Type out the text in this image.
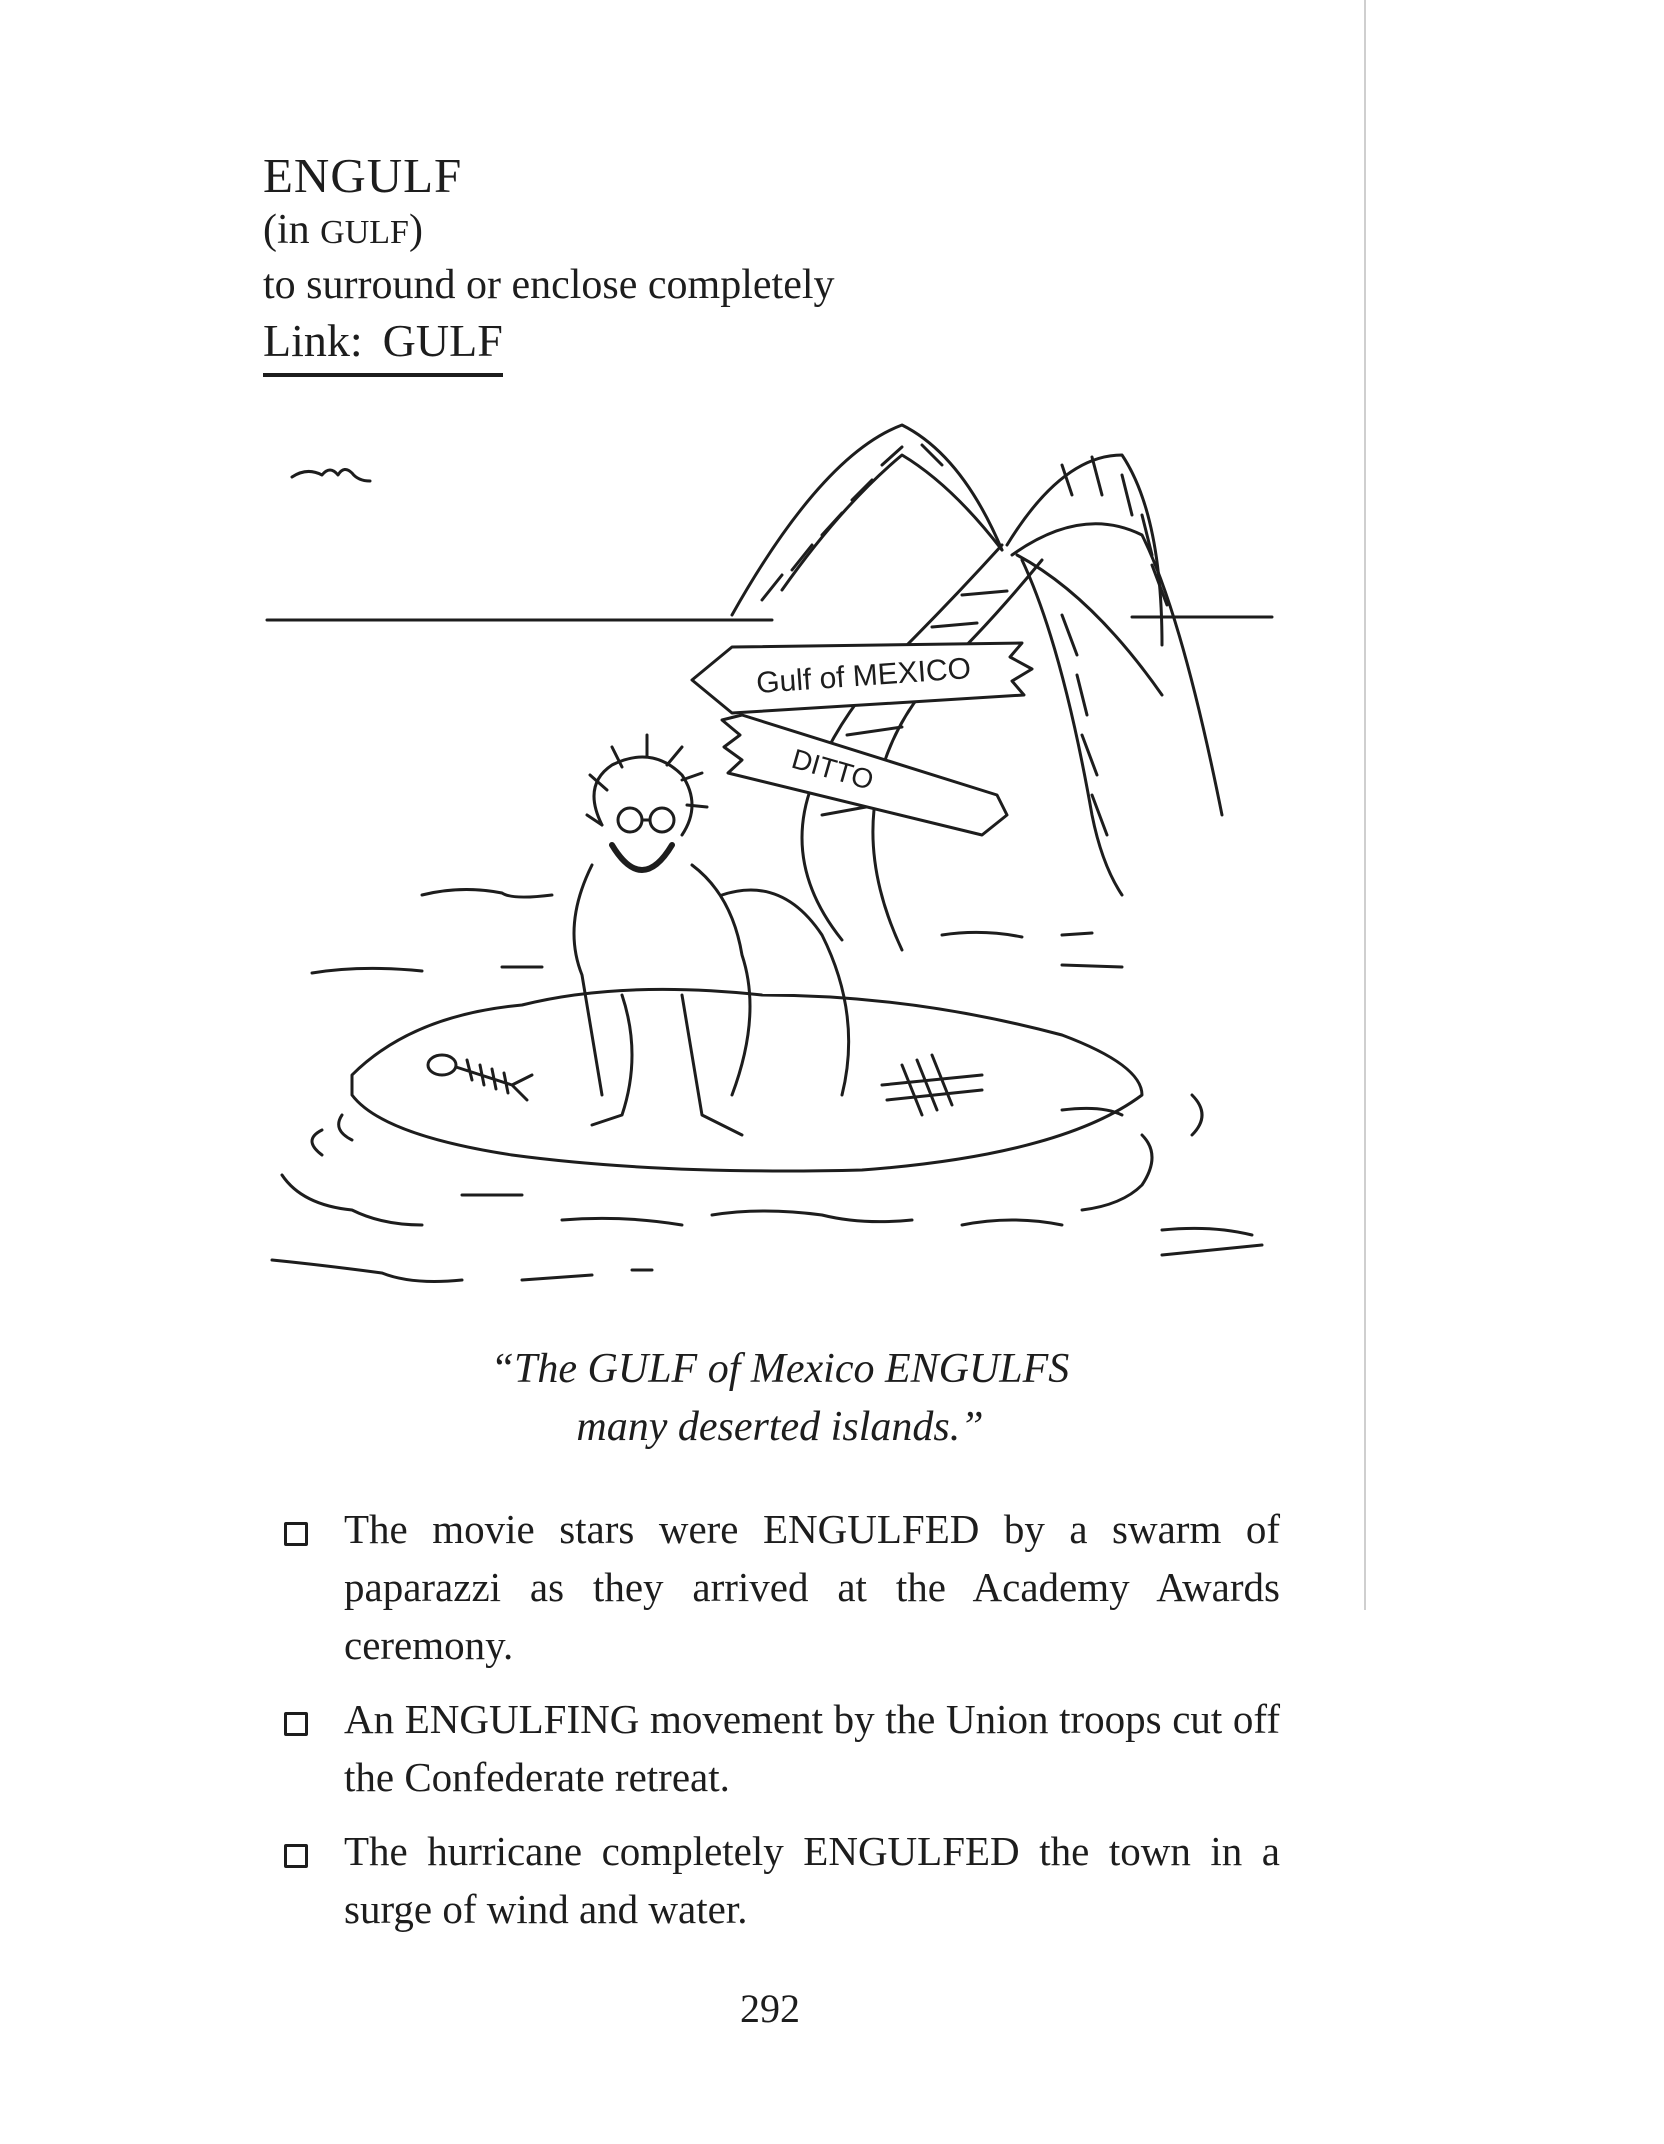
ENGULF

(in GULF)

to surround or enclose completely

Link: GULF
Gulf of MEXICO
DITTO

“The GULF of Mexico ENGULFS

many deserted islands.”

The movie stars were ENGULFED by a swarm of paparazzi as they arrived at the Academy Awards ceremony.
An ENGULFING movement by the Union troops cut off the Confederate retreat.
The hurricane completely ENGULFED the town in a surge of wind and water.
292
